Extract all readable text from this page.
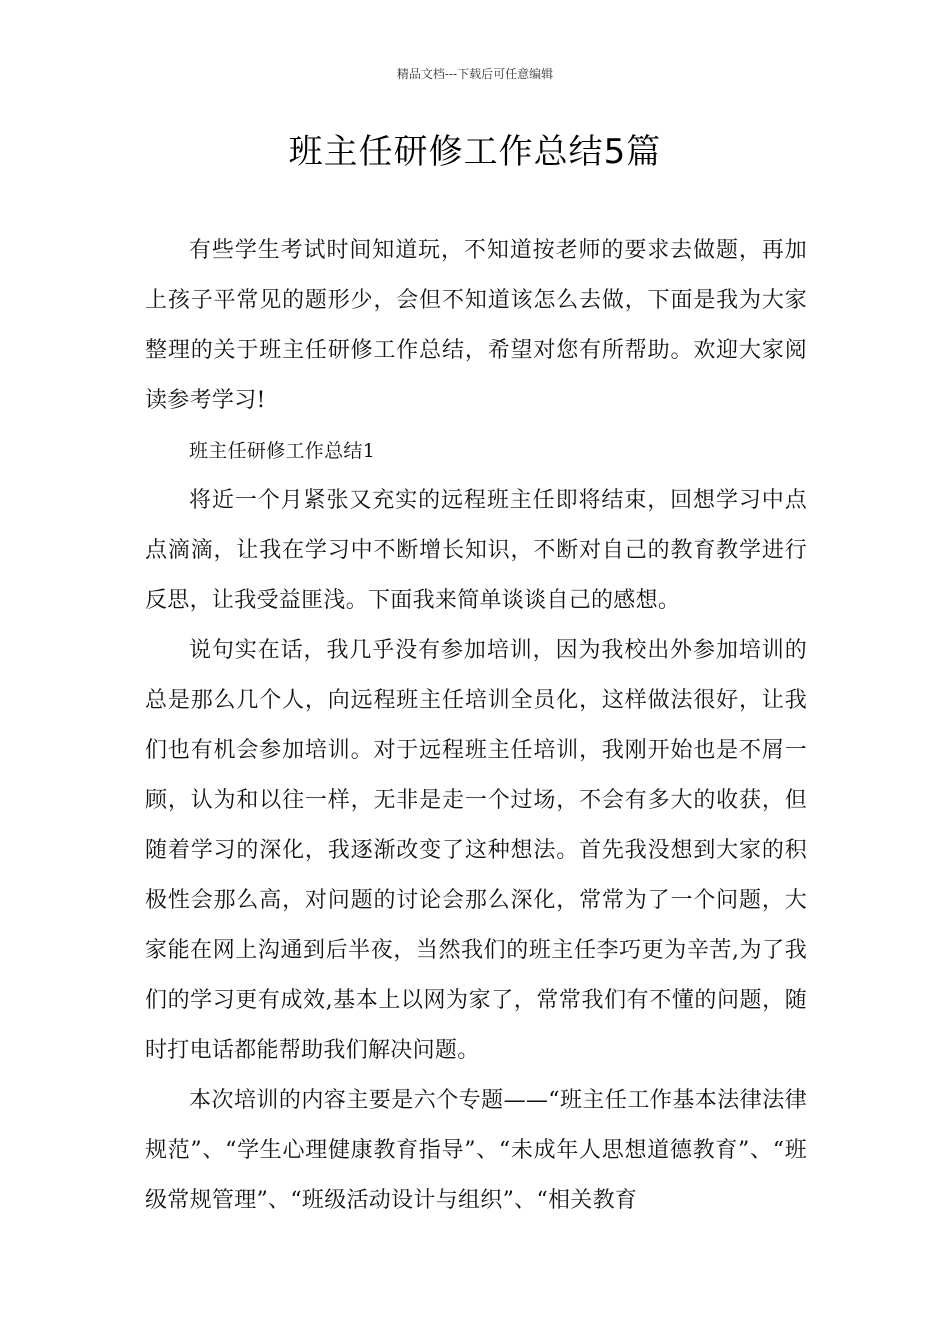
精品文档---下载后可任意编辑
班主任研修工作总结5篇

有些学生考试时间知道玩，不知道按老师的要求去做题，再加上孩子平常见的题形少，会但不知道该怎么去做，下面是我为大家整理的关于班主任研修工作总结，希望对您有所帮助。欢迎大家阅读参考学习!

班主任研修工作总结1

将近一个月紧张又充实的远程班主任即将结束，回想学习中点点滴滴，让我在学习中不断增长知识，不断对自己的教育教学进行反思，让我受益匪浅。下面我来简单谈谈自己的感想。

说句实在话，我几乎没有参加培训，因为我校出外参加培训的总是那么几个人，向远程班主任培训全员化，这样做法很好，让我们也有机会参加培训。对于远程班主任培训，我刚开始也是不屑一顾，认为和以往一样，无非是走一个过场，不会有多大的收获，但随着学习的深化，我逐渐改变了这种想法。首先我没想到大家的积极性会那么高，对问题的讨论会那么深化，常常为了一个问题，大家能在网上沟通到后半夜，当然我们的班主任李巧更为辛苦,为了我们的学习更有成效,基本上以网为家了，常常我们有不懂的问题，随时打电话都能帮助我们解决问题。

本次培训的内容主要是六个专题——“班主任工作基本法律法律规范”、“学生心理健康教育指导”、“未成年人思想道德教育”、“班级常规管理”、“班级活动设计与组织”、“相关教育
